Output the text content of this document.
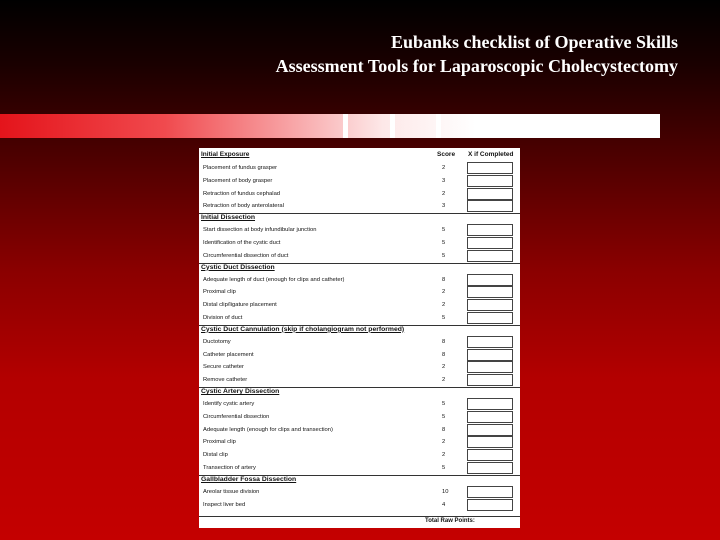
Eubanks checklist of Operative Skills
Assessment Tools for Laparoscopic Cholecystectomy
Initial Exposure	Score X if Completed
Placement of fundus grasper	2
Placement of body grasper	3
Retraction of fundus cephalad	2
Retraction of body anterolateral	3
Initial Dissection
Start dissection at body infundibular junction	5
Identification of the cystic duct	5
Circumferential dissection of duct	5
Cystic Duct Dissection
Adequate length of duct (enough for clips and catheter)	8
Proximal clip	2
Distal clip/ligature placement	2
Division of duct	5
Cystic Duct Cannulation (skip if cholangiogram not performed)
Ductotomy	8
Catheter placement	8
Secure catheter	2
Remove catheter	2
Cystic Artery Dissection
Identify cystic artery	5
Circumferential dissection	5
Adequate length (enough for clips and transection)	8
Proximal clip	2
Distal clip	2
Transection of artery	5
Gallbladder Fossa Dissection
Areolar tissue division	10
Inspect liver bed	4
Total Raw Points:
